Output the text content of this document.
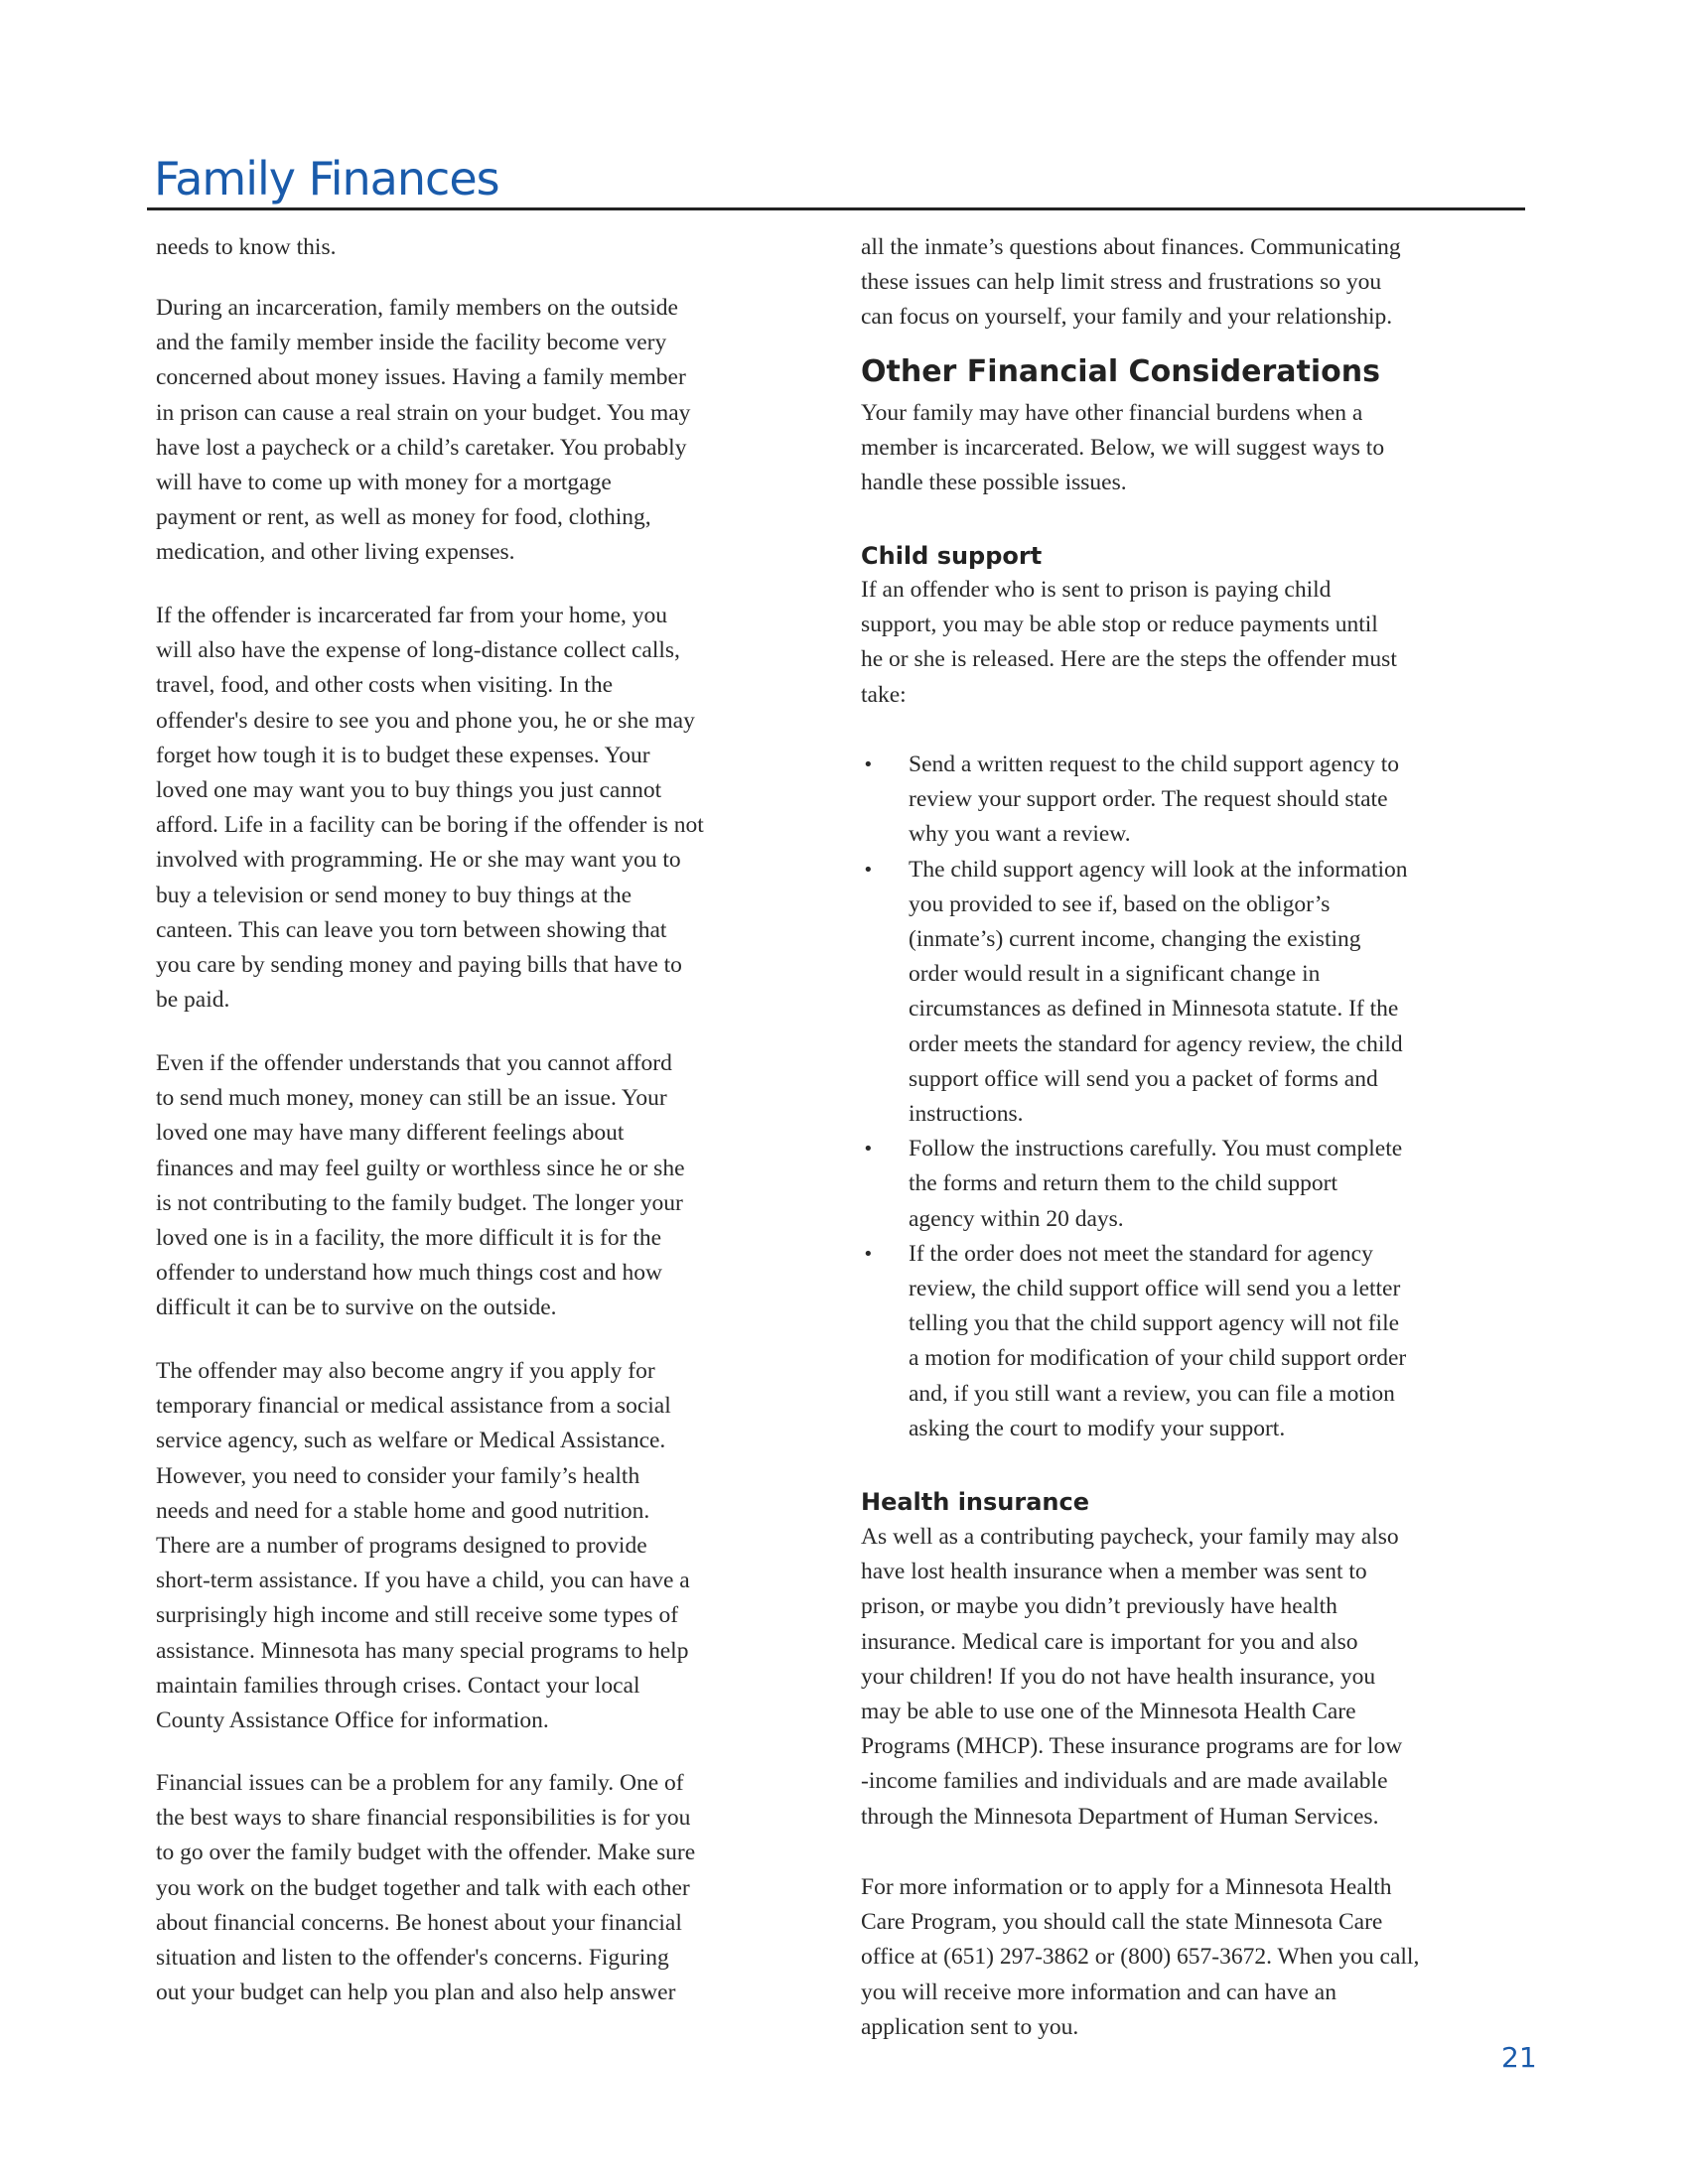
Family Finances
needs to know this.
During an incarceration, family members on the outside
and the family member inside the facility become very
concerned about money issues. Having a family member
in prison can cause a real strain on your budget. You may
have lost a paycheck or a child’s caretaker. You probably
will have to come up with money for a mortgage
payment or rent, as well as money for food, clothing,
medication, and other living expenses.
If the offender is incarcerated far from your home, you
will also have the expense of long-distance collect calls,
travel, food, and other costs when visiting. In the
offender's desire to see you and phone you, he or she may
forget how tough it is to budget these expenses. Your
loved one may want you to buy things you just cannot
afford. Life in a facility can be boring if the offender is not
involved with programming. He or she may want you to
buy a television or send money to buy things at the
canteen. This can leave you torn between showing that
you care by sending money and paying bills that have to
be paid.
Even if the offender understands that you cannot afford
to send much money, money can still be an issue. Your
loved one may have many different feelings about
finances and may feel guilty or worthless since he or she
is not contributing to the family budget. The longer your
loved one is in a facility, the more difficult it is for the
offender to understand how much things cost and how
difficult it can be to survive on the outside.
The offender may also become angry if you apply for
temporary financial or medical assistance from a social
service agency, such as welfare or Medical Assistance.
However, you need to consider your family’s health
needs and need for a stable home and good nutrition.
There are a number of programs designed to provide
short-term assistance. If you have a child, you can have a
surprisingly high income and still receive some types of
assistance. Minnesota has many special programs to help
maintain families through crises. Contact your local
County Assistance Office for information.
Financial issues can be a problem for any family. One of
the best ways to share financial responsibilities is for you
to go over the family budget with the offender. Make sure
you work on the budget together and talk with each other
about financial concerns. Be honest about your financial
situation and listen to the offender's concerns. Figuring
out your budget can help you plan and also help answer
all the inmate’s questions about finances. Communicating
these issues can help limit stress and frustrations so you
can focus on yourself, your family and your relationship.
Other Financial Considerations
Your family may have other financial burdens when a
member is incarcerated. Below, we will suggest ways to
handle these possible issues.
Child support
If an offender who is sent to prison is paying child
support, you may be able stop or reduce payments until
he or she is released. Here are the steps the offender must
take:
• Send a written request to the child support agency to
review your support order. The request should state
why you want a review.
• The child support agency will look at the information
you provided to see if, based on the obligor’s
(inmate’s) current income, changing the existing
order would result in a significant change in
circumstances as defined in Minnesota statute. If the
order meets the standard for agency review, the child
support office will send you a packet of forms and
instructions.
• Follow the instructions carefully. You must complete
the forms and return them to the child support
agency within 20 days.
• If the order does not meet the standard for agency
review, the child support office will send you a letter
telling you that the child support agency will not file
a motion for modification of your child support order
and, if you still want a review, you can file a motion
asking the court to modify your support.
Health insurance
As well as a contributing paycheck, your family may also
have lost health insurance when a member was sent to
prison, or maybe you didn’t previously have health
insurance. Medical care is important for you and also
your children! If you do not have health insurance, you
may be able to use one of the Minnesota Health Care
Programs (MHCP). These insurance programs are for low
-income families and individuals and are made available
through the Minnesota Department of Human Services.
For more information or to apply for a Minnesota Health
Care Program, you should call the state Minnesota Care
office at (651) 297-3862 or (800) 657-3672. When you call,
you will receive more information and can have an
application sent to you.
21
